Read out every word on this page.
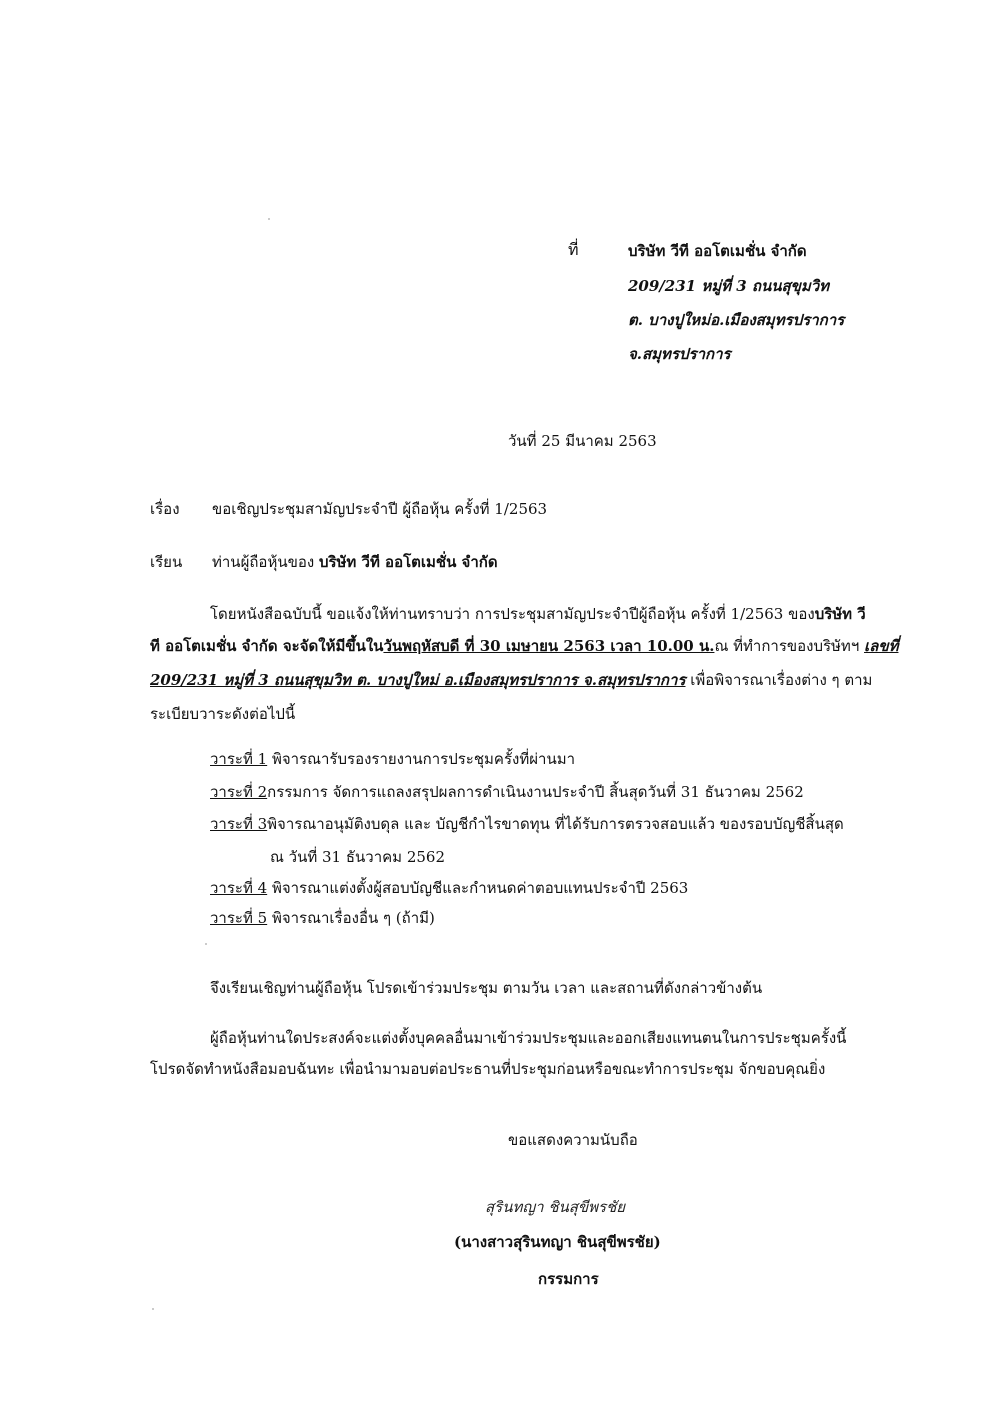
ที่	บริษัท วีที ออโตเมชั่น จำกัด
209/231 หมู่ที่ 3 ถนนสุขุมวิท
ต. บางปูใหม่อ.เมืองสมุทรปราการ
จ.สมุทรปราการ
วันที่ 25 มีนาคม 2563
เรื่อง ขอเชิญประชุมสามัญประจำปี ผู้ถือหุ้น ครั้งที่ 1/2563
เรียน ท่านผู้ถือหุ้นของ บริษัท วีที ออโตเมชั่น จำกัด
โดยหนังสือฉบับนี้ ขอแจ้งให้ท่านทราบว่า การประชุมสามัญประจำปีผู้ถือหุ้น ครั้งที่ 1/2563 ของบริษัท วี
ที ออโตเมชั่น จำกัด จะจัดให้มีขึ้นในวันพฤหัสบดี ที่ 30 เมษายน 2563 เวลา 10.00 น.ณ ที่ทำการของบริษัทฯ เลขที่
209/231 หมู่ที่ 3 ถนนสุขุมวิท ต. บางปูใหม่ อ.เมืองสมุทรปราการ จ.สมุทรปราการ เพื่อพิจารณาเรื่องต่าง ๆ ตาม
ระเบียบวาระดังต่อไปนี้
วาระที่ 1 พิจารณารับรองรายงานการประชุมครั้งที่ผ่านมา
วาระที่ 2กรรมการ จัดการแถลงสรุปผลการดำเนินงานประจำปี สิ้นสุดวันที่ 31 ธันวาคม 2562
วาระที่ 3พิจารณาอนุมัติงบดุล และ บัญชีกำไรขาดทุน ที่ได้รับการตรวจสอบแล้ว ของรอบบัญชีสิ้นสุด
ณ วันที่ 31 ธันวาคม 2562
วาระที่ 4 พิจารณาแต่งตั้งผู้สอบบัญชีและกำหนดค่าตอบแทนประจำปี 2563
วาระที่ 5 พิจารณาเรื่องอื่น ๆ (ถ้ามี)
จึงเรียนเชิญท่านผู้ถือหุ้น โปรดเข้าร่วมประชุม ตามวัน เวลา และสถานที่ดังกล่าวข้างต้น
ผู้ถือหุ้นท่านใดประสงค์จะแต่งตั้งบุคคลอื่นมาเข้าร่วมประชุมและออกเสียงแทนตนในการประชุมครั้งนี้
โปรดจัดทำหนังสือมอบฉันทะ เพื่อนำมามอบต่อประธานที่ประชุมก่อนหรือขณะทำการประชุม จักขอบคุณยิ่ง
ขอแสดงความนับถือ
สุรินทญา ชินสุขีพรชัย
(นางสาวสุรินทญา ชินสุขีพรชัย)
กรรมการ
